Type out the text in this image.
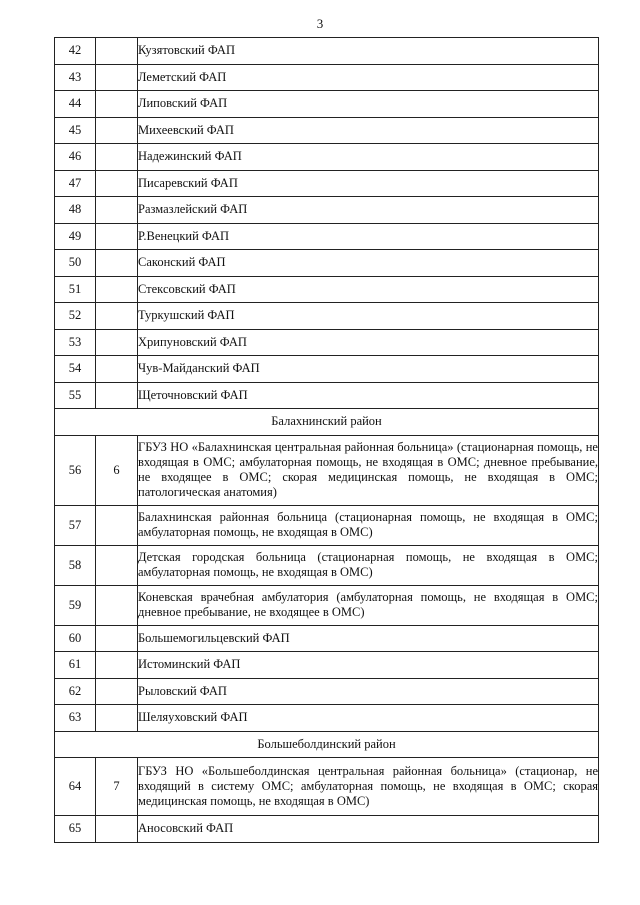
3
42		Кузятовский ФАП
43		Леметский ФАП
44		Липовский ФАП
45		Михеевский ФАП
46		Надежинский ФАП
47		Писаревский ФАП
48		Размазлейский ФАП
49		Р.Венецкий ФАП
50		Саконский ФАП
51		Стексовский ФАП
52		Туркушский ФАП
53		Хрипуновский ФАП
54		Чув-Майданский ФАП
55		Щеточновский ФАП
Балахнинский район		
56	6	ГБУЗ НО «Балахнинская центральная районная больница» (стационарная помощь, не входящая в ОМС; амбулаторная помощь, не входящая в ОМС; дневное пребывание, не входящее в ОМС; скорая медицинская помощь, не входящая в ОМС; патологическая анатомия)
57		Балахнинская районная больница (стационарная помощь, не входящая в ОМС; амбулаторная помощь, не входящая в ОМС)
58		Детская городская больница (стационарная помощь, не входящая в ОМС; амбулаторная помощь, не входящая в ОМС)
59		Коневская врачебная амбулатория (амбулаторная помощь, не входящая в ОМС; дневное пребывание, не входящее в ОМС)
60		Большемогильцевский ФАП
61		Истоминский ФАП
62		Рыловский ФАП
63		Шеляуховский ФАП
Большеболдинский район		
64	7	ГБУЗ НО «Большеболдинская центральная районная больница» (стационар, не входящий в систему ОМС; амбулаторная помощь, не входящая в ОМС; скорая медицинская помощь, не входящая в ОМС)
65		Аносовский ФАП
